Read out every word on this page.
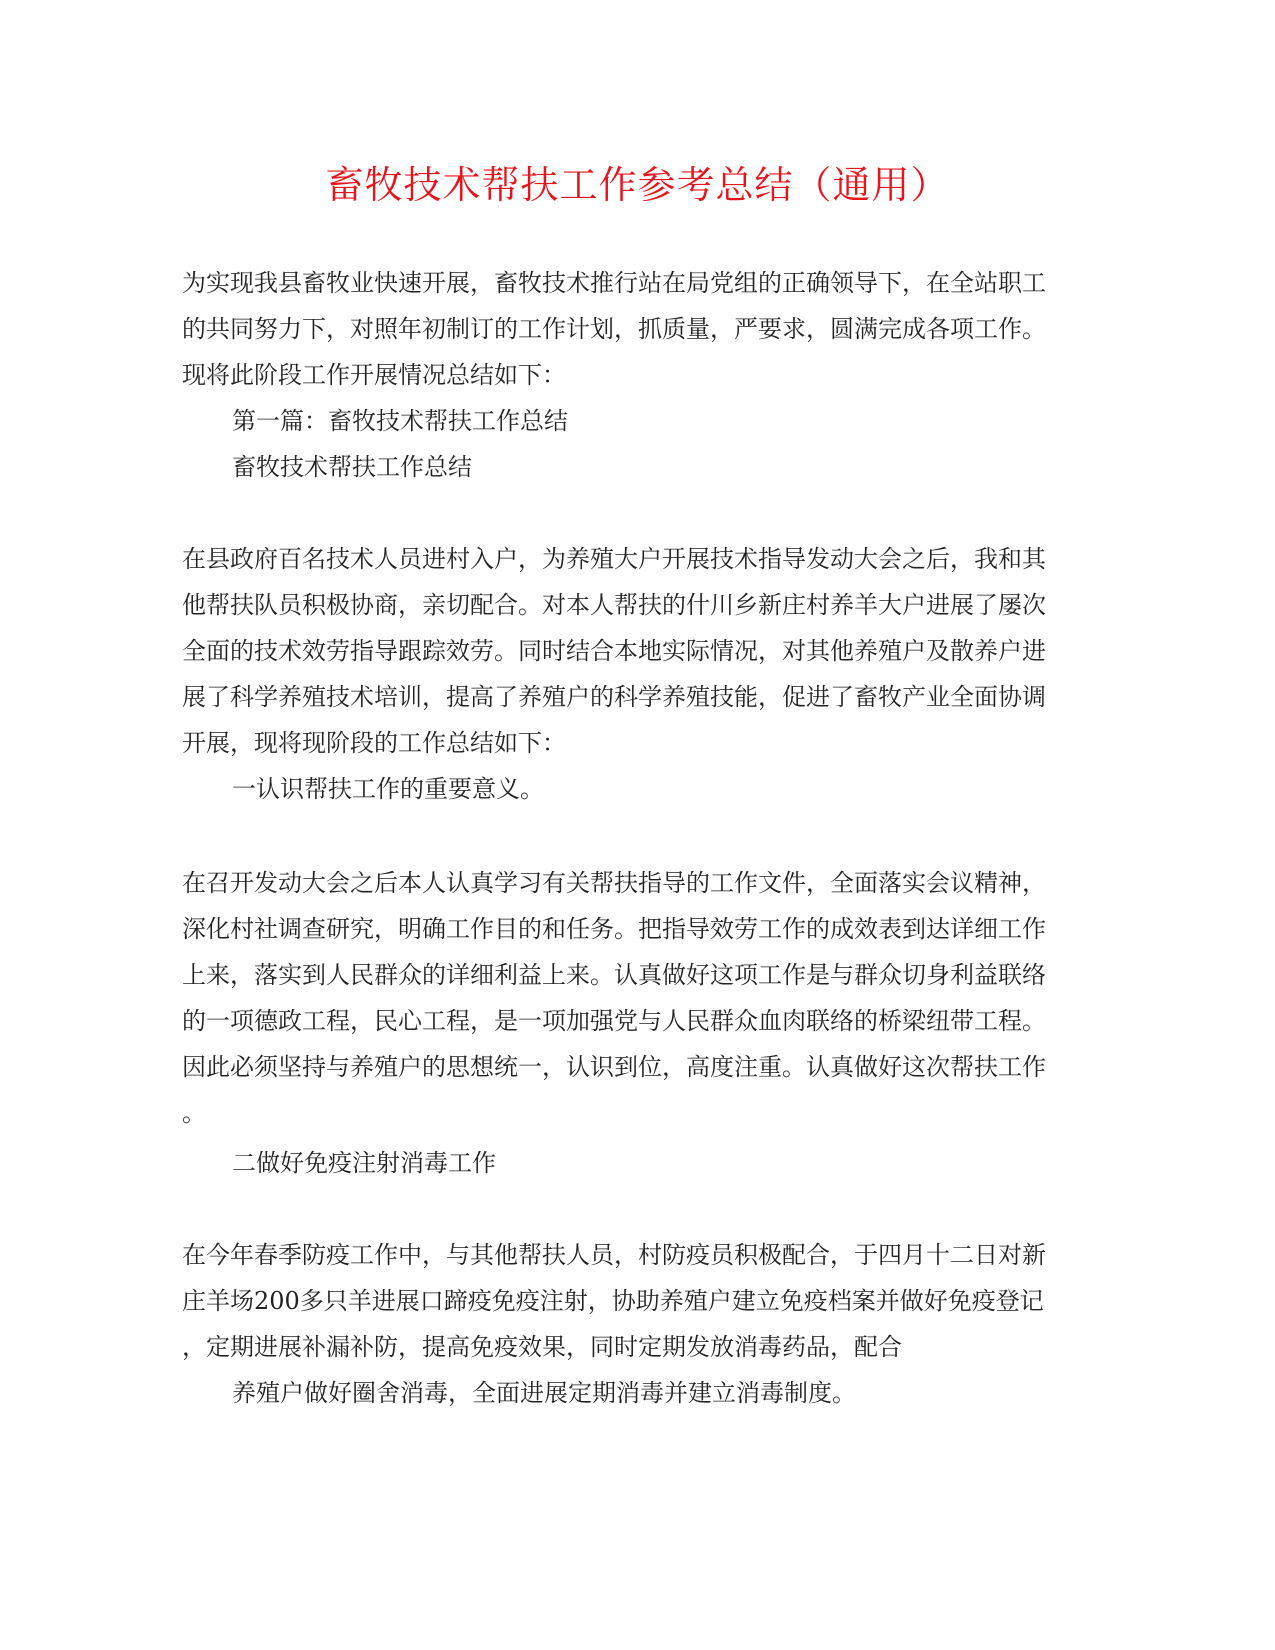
畜牧技术帮扶工作参考总结（通用）

为实现我县畜牧业快速开展，畜牧技术推行站在局党组的正确领导下，在全站职工

的共同努力下，对照年初制订的工作计划，抓质量，严要求，圆满完成各项工作。

现将此阶段工作开展情况总结如下：

第一篇：畜牧技术帮扶工作总结

畜牧技术帮扶工作总结

在县政府百名技术人员进村入户，为养殖大户开展技术指导发动大会之后，我和其

他帮扶队员积极协商，亲切配合。对本人帮扶的什川乡新庄村养羊大户进展了屡次

全面的技术效劳指导跟踪效劳。同时结合本地实际情况，对其他养殖户及散养户进

展了科学养殖技术培训，提高了养殖户的科学养殖技能，促进了畜牧产业全面协调

开展，现将现阶段的工作总结如下：

一认识帮扶工作的重要意义。

在召开发动大会之后本人认真学习有关帮扶指导的工作文件，全面落实会议精神，

深化村社调查研究，明确工作目的和任务。把指导效劳工作的成效表到达详细工作

上来，落实到人民群众的详细利益上来。认真做好这项工作是与群众切身利益联络

的一项德政工程，民心工程，是一项加强党与人民群众血肉联络的桥梁纽带工程。

因此必须坚持与养殖户的思想统一，认识到位，高度注重。认真做好这次帮扶工作

。

二做好免疫注射消毒工作

在今年春季防疫工作中，与其他帮扶人员，村防疫员积极配合，于四月十二日对新

庄羊场200多只羊进展口蹄疫免疫注射，协助养殖户建立免疫档案并做好免疫登记

，定期进展补漏补防，提高免疫效果，同时定期发放消毒药品，配合

养殖户做好圈舍消毒，全面进展定期消毒并建立消毒制度。
